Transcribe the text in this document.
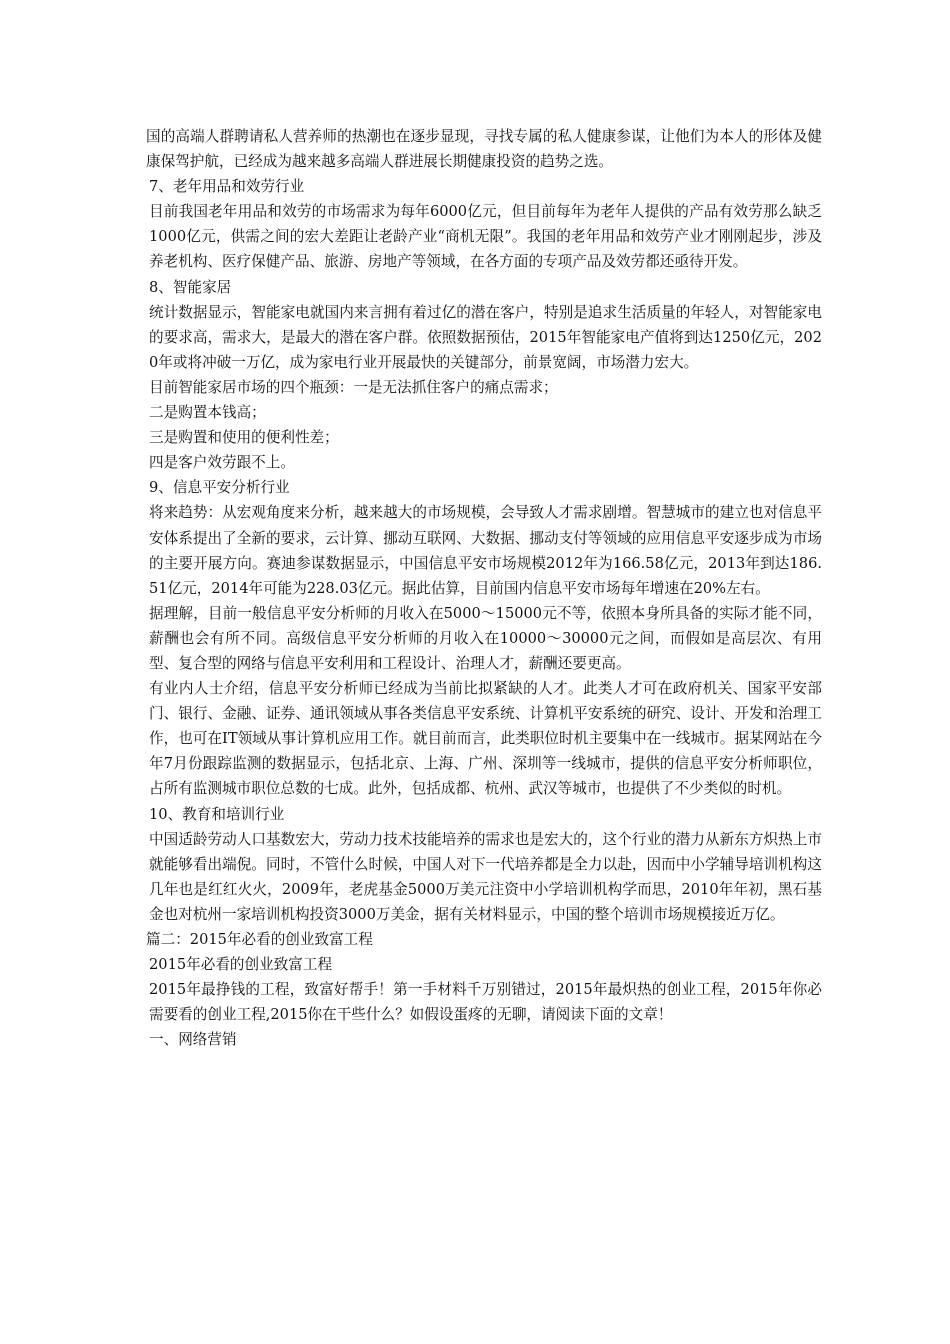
国的高端人群聘请私人营养师的热潮也在逐步显现，寻找专属的私人健康参谋，让他们为本人的形体及健康保驾护航，已经成为越来越多高端人群进展长期健康投资的趋势之选。

7、老年用品和效劳行业

目前我国老年用品和效劳的市场需求为每年6000亿元，但目前每年为老年人提供的产品有效劳那么缺乏1000亿元，供需之间的宏大差距让老龄产业“商机无限”。我国的老年用品和效劳产业才刚刚起步，涉及养老机构、医疗保健产品、旅游、房地产等领域，在各方面的专项产品及效劳都还亟待开发。

8、智能家居

统计数据显示，智能家电就国内来言拥有着过亿的潜在客户，特别是追求生活质量的年轻人，对智能家电的要求高，需求大，是最大的潜在客户群。依照数据预估，2015年智能家电产值将到达1250亿元，2020年或将冲破一万亿，成为家电行业开展最快的关键部分，前景宽阔，市场潜力宏大。

目前智能家居市场的四个瓶颈：一是无法抓住客户的痛点需求；

二是购置本钱高；

三是购置和使用的便利性差；

四是客户效劳跟不上。

9、信息平安分析行业

将来趋势：从宏观角度来分析，越来越大的市场规模，会导致人才需求剧增。智慧城市的建立也对信息平安体系提出了全新的要求，云计算、挪动互联网、大数据、挪动支付等领域的应用信息平安逐步成为市场的主要开展方向。赛迪参谋数据显示，中国信息平安市场规模2012年为166.58亿元，2013年到达186.51亿元，2014年可能为228.03亿元。据此估算，目前国内信息平安市场每年增速在20%左右。

据理解，目前一般信息平安分析师的月收入在5000～15000元不等，依照本身所具备的实际才能不同，薪酬也会有所不同。高级信息平安分析师的月收入在10000～30000元之间，而假如是高层次、有用型、复合型的网络与信息平安利用和工程设计、治理人才，薪酬还要更高。

有业内人士介绍，信息平安分析师已经成为当前比拟紧缺的人才。此类人才可在政府机关、国家平安部门、银行、金融、证券、通讯领域从事各类信息平安系统、计算机平安系统的研究、设计、开发和治理工作，也可在IT领域从事计算机应用工作。就目前而言，此类职位时机主要集中在一线城市。据某网站在今年7月份跟踪监测的数据显示，包括北京、上海、广州、深圳等一线城市，提供的信息平安分析师职位，占所有监测城市职位总数的七成。此外，包括成都、杭州、武汉等城市，也提供了不少类似的时机。

10、教育和培训行业

中国适龄劳动人口基数宏大，劳动力技术技能培养的需求也是宏大的，这个行业的潜力从新东方炽热上市就能够看出端倪。同时，不管什么时候，中国人对下一代培养都是全力以赴，因而中小学辅导培训机构这几年也是红红火火，2009年，老虎基金5000万美元注资中小学培训机构学而思，2010年年初，黑石基金也对杭州一家培训机构投资3000万美金，据有关材料显示，中国的整个培训市场规模接近万亿。

篇二：2015年必看的创业致富工程

2015年必看的创业致富工程

2015年最挣钱的工程，致富好帮手！第一手材料千万别错过，2015年最炽热的创业工程，2015年你必需要看的创业工程,2015你在干些什么？如假设蛋疼的无聊，请阅读下面的文章！

一、网络营销
